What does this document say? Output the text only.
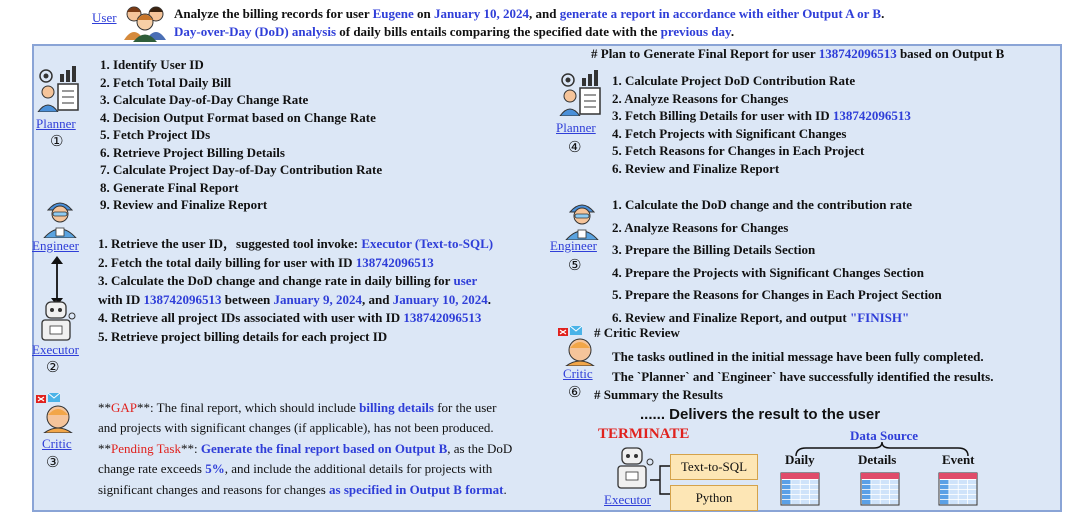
User	Analyze the billing records for user Eugene on January 10, 2024, and generate a report in accordance with either Output A or B.
Day-over-Day (DoD) analysis of daily bills entails comparing the specified date with the previous day.
Planner
①
1. Identify User ID
2. Fetch Total Daily Bill
3. Calculate Day-of-Day Change Rate
4. Decision Output Format based on Change Rate
5. Fetch Project IDs
6. Retrieve Project Billing Details
7. Calculate Project Day-of-Day Contribution Rate
8. Generate Final Report
9. Review and Finalize Report
Engineer
Executor
②
1. Retrieve the user ID，suggested tool invoke: Executor (Text-to-SQL)
2. Fetch the total daily billing for user with ID 138742096513
3. Calculate the DoD change and change rate in daily billing for user
with ID 138742096513 between January 9, 2024, and January 10, 2024.
4. Retrieve all project IDs associated with user with ID 138742096513
5. Retrieve project billing details for each project ID
Critic
③
**GAP**: The final report, which should include billing details for the user
and projects with significant changes (if applicable), has not been produced.
**Pending Task**: Generate the final report based on Output B, as the DoD
change rate exceeds 5%, and include the additional details for projects with
significant changes and reasons for changes as specified in Output B format.
# Plan to Generate Final Report for user 138742096513 based on Output B
Planner
④
1. Calculate Project DoD Contribution Rate
2. Analyze Reasons for Changes
3. Fetch Billing Details for user with ID 138742096513
4. Fetch Projects with Significant Changes
5. Fetch Reasons for Changes in Each Project
6. Review and Finalize Report
Engineer
⑤
1. Calculate the DoD change and the contribution rate
2. Analyze Reasons for Changes
3. Prepare the Billing Details Section
4. Prepare the Projects with Significant Changes Section
5. Prepare the Reasons for Changes in Each Project Section
6. Review and Finalize Report, and output "FINISH"
# Critic Review
Critic
⑥
The tasks outlined in the initial message have been fully completed.
The `Planner` and `Engineer` have successfully identified the results.
# Summary the Results
...... Delivers the result to the user
TERMINATE	Data Source
Executor
Text-to-SQL
Python
Daily	Details	Event
